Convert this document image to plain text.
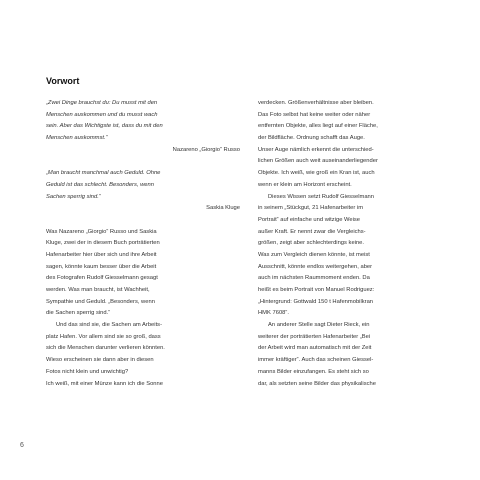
Vorwort
„Zwei Dinge brauchst du: Du musst mit den
Menschen auskommen und du musst wach
sein. Aber das Wichtigste ist, dass du mit den
Menschen auskommst.“
Nazareno „Giorgio“ Russo
„Man braucht manchmal auch Geduld. Ohne
Geduld ist das schlecht. Besonders, wenn
Sachen sperrig sind.“
Saskia Kluge
Was Nazareno „Giorgio“ Russo und Saskia
Kluge, zwei der in diesem Buch porträtierten
Hafenarbeiter hier über sich und ihre Arbeit
sagen, könnte kaum besser über die Arbeit
des Fotografen Rudolf Giesselmann gesagt
werden. Was man braucht, ist Wachheit,
Sympathie und Geduld. „Besonders, wenn
die Sachen sperrig sind.“
Und das sind sie, die Sachen am Arbeits-
platz Hafen. Vor allem sind sie so groß, dass
sich die Menschen darunter verlieren könnten.
Wieso erscheinen sie dann aber in diesen
Fotos nicht klein und unwichtig?
Ich weiß, mit einer Münze kann ich die Sonne
verdecken. Größenverhältnisse aber bleiben.
Das Foto selbst hat keine weiter oder näher
entfernten Objekte, alles liegt auf einer Fläche,
der Bildfläche. Ordnung schafft das Auge.
Unser Auge nämlich erkennt die unterschied-
lichen Größen auch weit auseinanderliegender
Objekte. Ich weiß, wie groß ein Kran ist, auch
wenn er klein am Horizont erscheint.
Dieses Wissen setzt Rudolf Giesselmann
in seinem „Stückgut, 21 Hafenarbeiter im
Portrait“ auf einfache und witzige Weise
außer Kraft. Er nennt zwar die Vergleichs-
größen, zeigt aber schlechterdings keine.
Was zum Vergleich dienen könnte, ist meist
Ausschnitt, könnte endlos weitergehen, aber
auch im nächsten Raummoment enden. Da
heißt es beim Portrait von Manuel Rodriguez:
„Hintergrund: Gottwald 150 t Hafenmobilkran
HMK 7608“.
An anderer Stelle sagt Dieter Rieck, ein
weiterer der porträtierten Hafenarbeiter „Bei
der Arbeit wird man automatisch mit der Zeit
immer kräftiger“. Auch das scheinen Giessel-
manns Bilder einzufangen. Es steht sich so
dar, als setzten seine Bilder das physikalische
6
